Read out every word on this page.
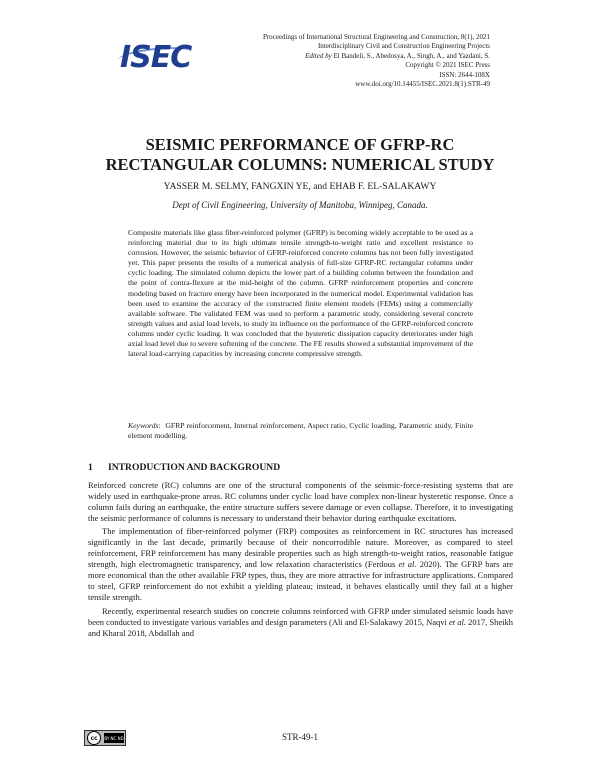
ISEC
Proceedings of International Structural Engineering and Construction, 8(1), 2021
Interdisciplinary Civil and Construction Engineering Projects
Edited by El Bandeli, S., Abedosya, A., Singh, A., and Yazdani, S.
Copyright © 2021 ISEC Press
ISSN: 2644-108X
www.doi.org/10.14455/ISEC.2021.8(1).STR-49
SEISMIC PERFORMANCE OF GFRP-RC
RECTANGULAR COLUMNS: NUMERICAL STUDY
YASSER M. SELMY, FANGXIN YE, and EHAB F. EL-SALAKAWY
Dept of Civil Engineering, University of Manitoba, Winnipeg, Canada.
Composite materials like glass fiber-reinforced polymer (GFRP) is becoming widely acceptable to be used as a reinforcing material due to its high ultimate tensile strength-to-weight ratio and excellent resistance to corrosion. However, the seismic behavior of GFRP-reinforced concrete columns has not been fully investigated yet. This paper presents the results of a numerical analysis of full-size GFRP-RC rectangular columns under cyclic loading. The simulated column depicts the lower part of a building column between the foundation and the point of contra-flexure at the mid-height of the column. GFRP reinforcement properties and concrete modeling based on fracture energy have been incorporated in the numerical model. Experimental validation has been used to examine the accuracy of the constructed finite element models (FEMs) using a commercially available software. The validated FEM was used to perform a parametric study, considering several concrete strength values and axial load levels, to study its influence on the performance of the GFRP-reinforced concrete columns under cyclic loading. It was concluded that the hysteretic dissipation capacity deteriorates under high axial load level due to severe softening of the concrete. The FE results showed a substantial improvement of the lateral load-carrying capacities by increasing concrete compressive strength.
Keywords:  GFRP reinforcement, Internal reinforcement, Aspect ratio, Cyclic loading, Parametric study, Finite element modelling.
1 INTRODUCTION AND BACKGROUND

Reinforced concrete (RC) columns are one of the structural components of the seismic-force-resisting systems that are widely used in earthquake-prone areas. RC columns under cyclic load have complex non-linear hysteretic response. Once a column fails during an earthquake, the entire structure suffers severe damage or even collapse. Therefore, it to investigating the seismic performance of columns is necessary to understand their behavior during earthquake excitations.

The implementation of fiber-reinforced polymer (FRP) composites as reinforcement in RC structures has increased significantly in the last decade, primarily because of their noncorrodible nature. Moreover, as compared to steel reinforcement, FRP reinforcement has many desirable properties such as high strength-to-weight ratios, reasonable fatigue strength, high electromagnetic transparency, and low relaxation characteristics (Ferdous et al. 2020). The GFRP bars are more economical than the other available FRP types, thus, they are more attractive for infrastructure applications. Compared to steel, GFRP reinforcement do not exhibit a yielding plateau; instead, it behaves elastically until they fail at a higher tensile strength.

Recently, experimental research studies on concrete columns reinforced with GFRP under simulated seismic loads have been conducted to investigate various variables and design parameters (Ali and El-Salakawy 2015, Naqvi et al. 2017, Sheikh and Kharal 2018, Abdallah and

cc	BY NC ND	STR-49-1
